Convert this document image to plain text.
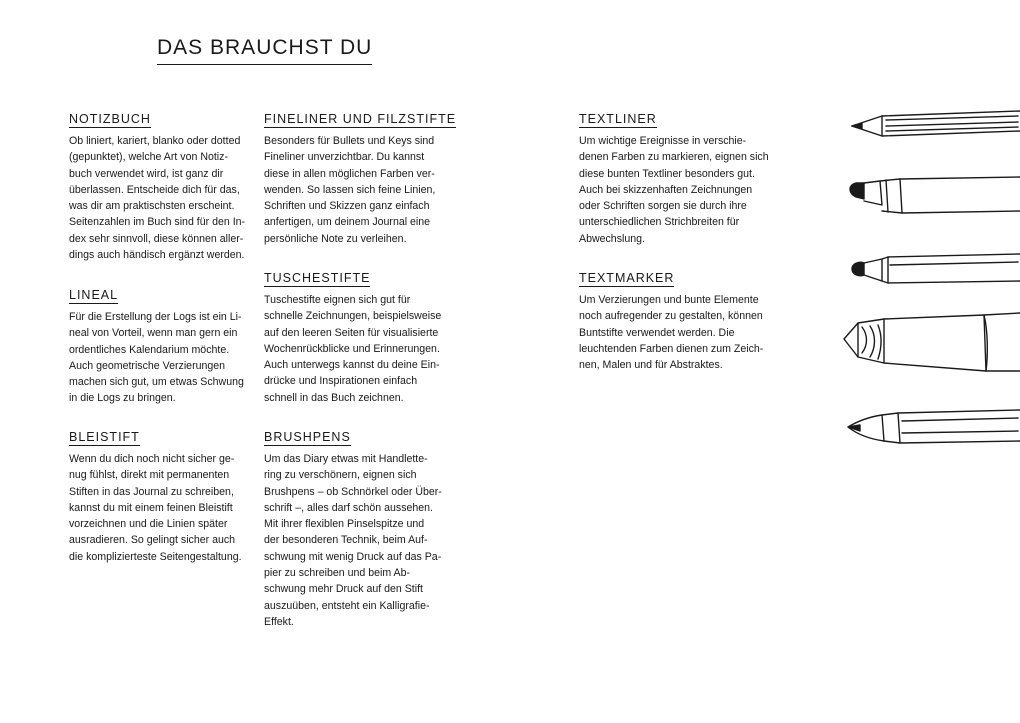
DAS BRAUCHST DU
NOTIZBUCH
Ob liniert, kariert, blanko oder dotted
(gepunktet), welche Art von Notiz-
buch verwendet wird, ist ganz dir
überlassen. Entscheide dich für das,
was dir am praktischsten erscheint.
Seitenzahlen im Buch sind für den In-
dex sehr sinnvoll, diese können aller-
dings auch händisch ergänzt werden.
LINEAL
Für die Erstellung der Logs ist ein Li-
neal von Vorteil, wenn man gern ein
ordentliches Kalendarium möchte.
Auch geometrische Verzierungen
machen sich gut, um etwas Schwung
in die Logs zu bringen.
BLEISTIFT
Wenn du dich noch nicht sicher ge-
nug fühlst, direkt mit permanenten
Stiften in das Journal zu schreiben,
kannst du mit einem feinen Bleistift
vorzeichnen und die Linien später
ausradieren. So gelingt sicher auch
die komplizierteste Seitengestaltung.
FINELINER UND FILZSTIFTE
Besonders für Bullets und Keys sind
Fineliner unverzichtbar. Du kannst
diese in allen möglichen Farben ver-
wenden. So lassen sich feine Linien,
Schriften und Skizzen ganz einfach
anfertigen, um deinem Journal eine
persönliche Note zu verleihen.
TUSCHESTIFTE
Tuschestifte eignen sich gut für
schnelle Zeichnungen, beispielsweise
auf den leeren Seiten für visualisierte
Wochenrückblicke und Erinnerungen.
Auch unterwegs kannst du deine Ein-
drücke und Inspirationen einfach
schnell in das Buch zeichnen.
BRUSHPENS
Um das Diary etwas mit Handlette-
ring zu verschönern, eignen sich
Brushpens – ob Schnörkel oder Über-
schrift –, alles darf schön aussehen.
Mit ihrer flexiblen Pinselspitze und
der besonderen Technik, beim Auf-
schwung mit wenig Druck auf das Pa-
pier zu schreiben und beim Ab-
schwung mehr Druck auf den Stift
auszuüben, entsteht ein Kalligrafie-
Effekt.
TEXTLINER
Um wichtige Ereignisse in verschie-
denen Farben zu markieren, eignen sich
diese bunten Textliner besonders gut.
Auch bei skizzenhaften Zeichnungen
oder Schriften sorgen sie durch ihre
unterschiedlichen Strichbreiten für
Abwechslung.
TEXTMARKER
Um Verzierungen und bunte Elemente
noch aufregender zu gestalten, können
Buntstifte verwendet werden. Die
leuchtenden Farben dienen zum Zeich-
nen, Malen und für Abstraktes.
